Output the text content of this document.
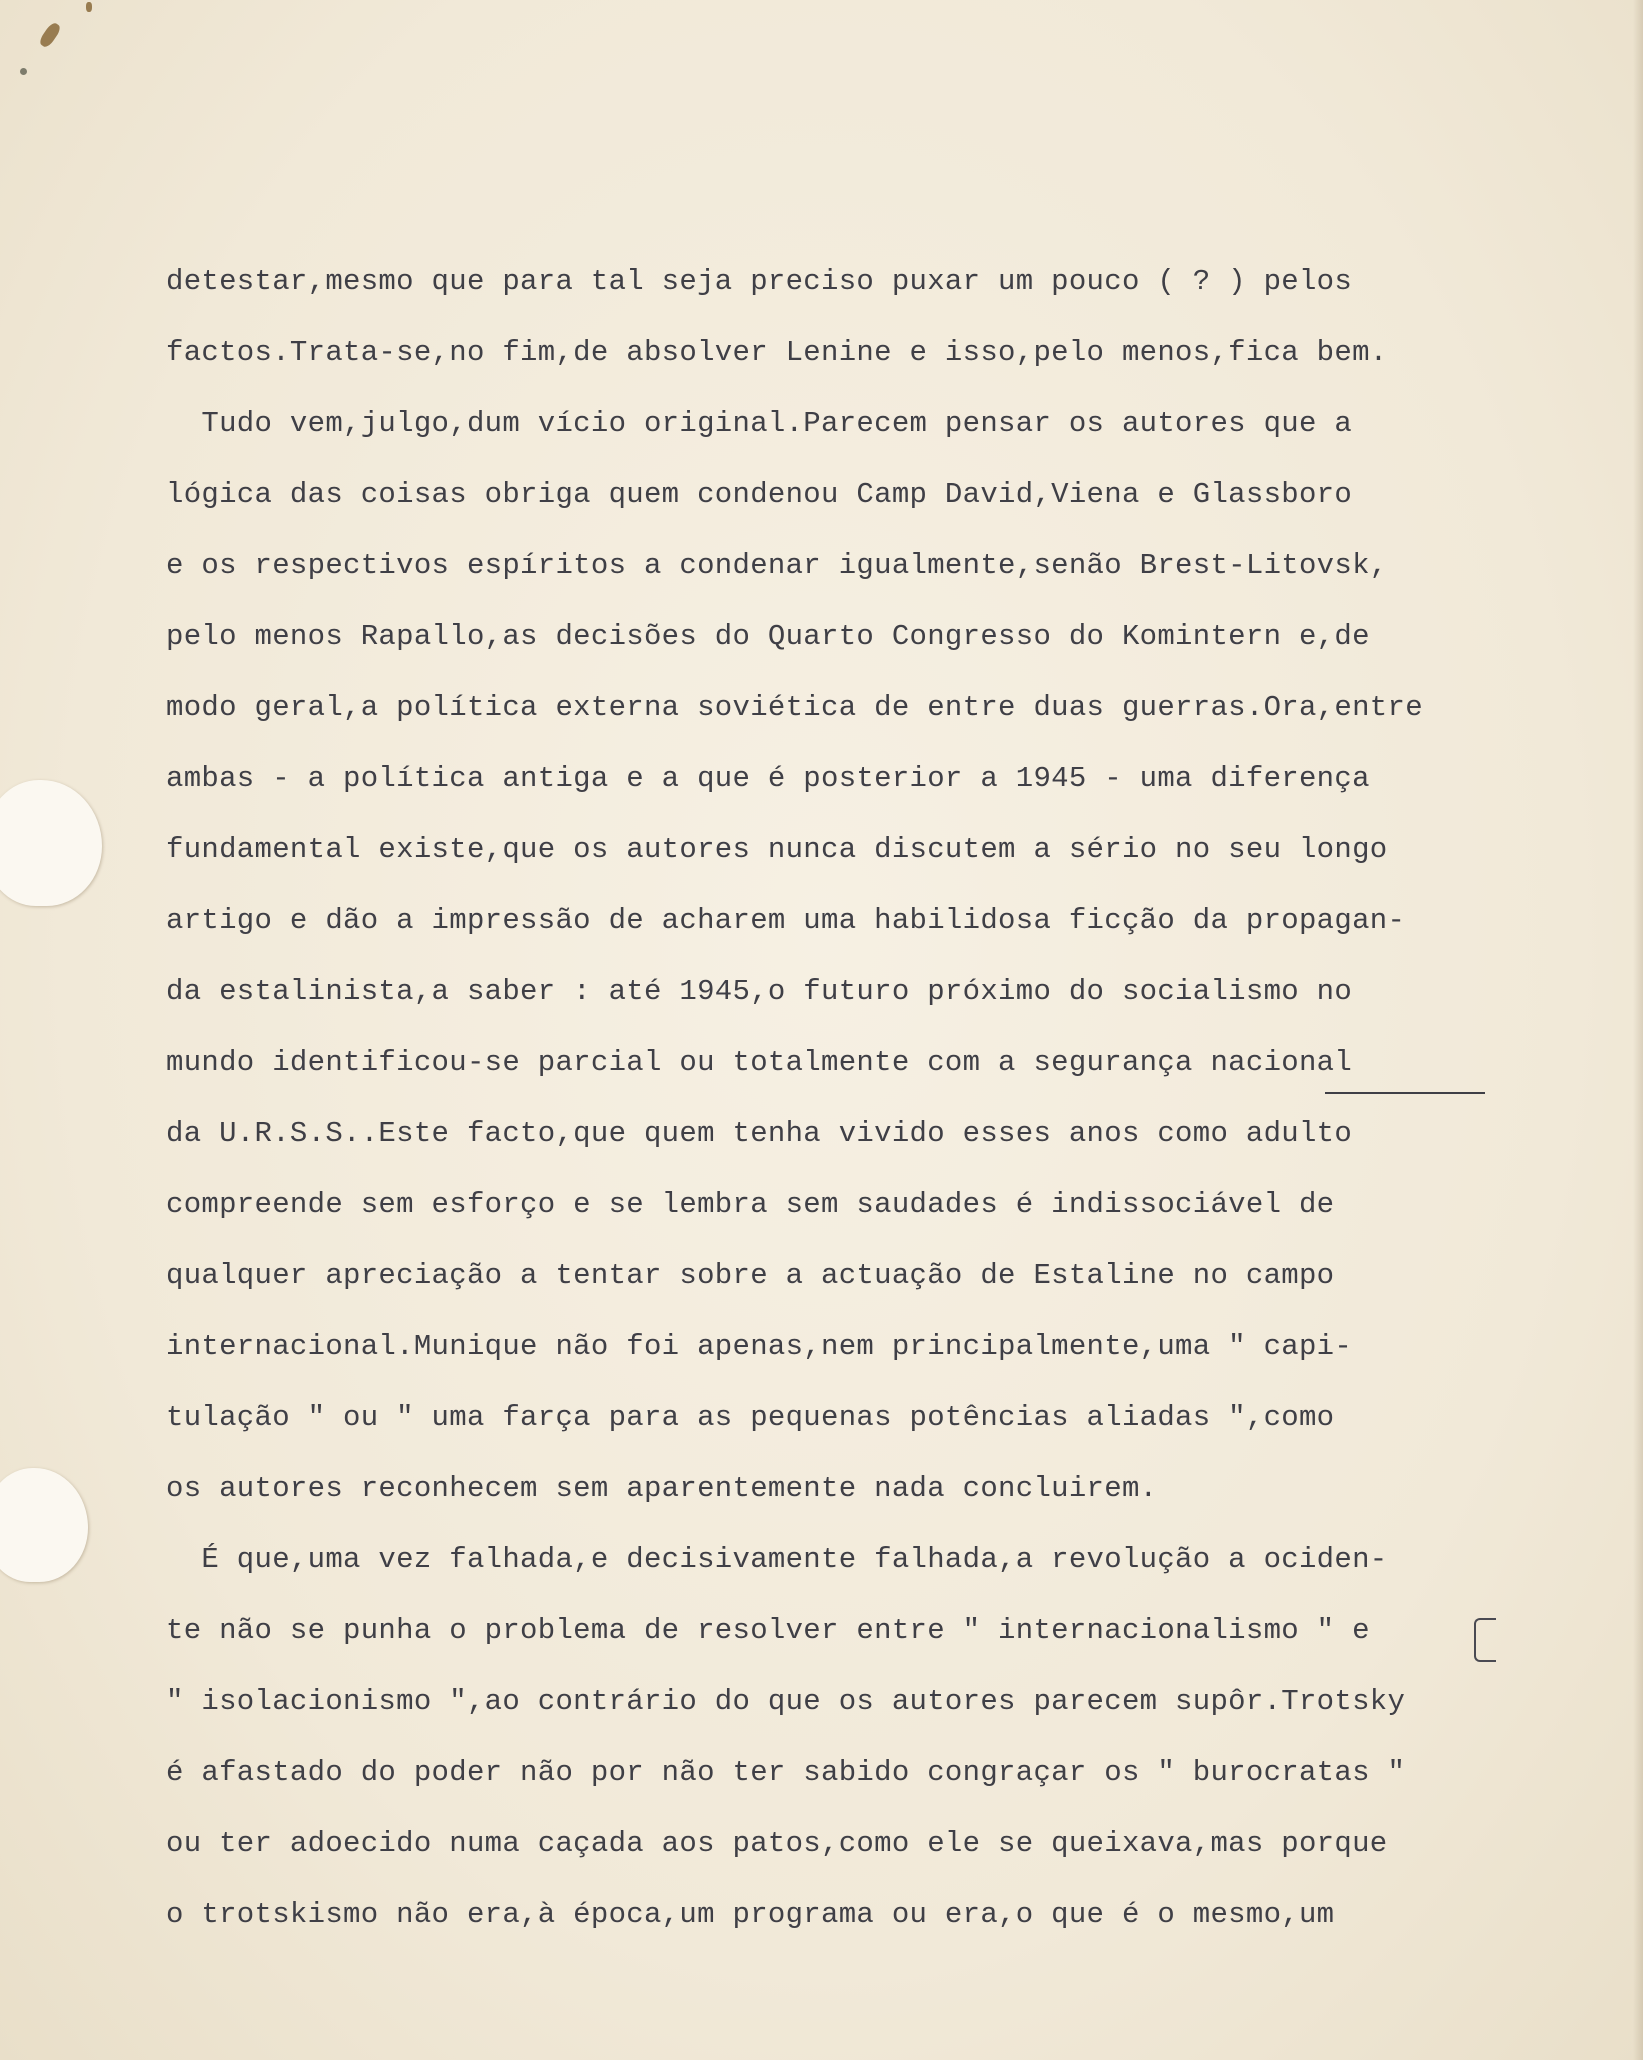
detestar,mesmo que para tal seja preciso puxar um pouco ( ? ) pelos
factos.Trata-se,no fim,de absolver Lenine e isso,pelo menos,fica bem.
Tudo vem,julgo,dum vício original.Parecem pensar os autores que a
lógica das coisas obriga quem condenou Camp David,Viena e Glassboro
e os respectivos espíritos a condenar igualmente,senão Brest-Litovsk,
pelo menos Rapallo,as decisões do Quarto Congresso do Komintern e,de
modo geral,a política externa soviética de entre duas guerras.Ora,entre
ambas - a política antiga e a que é posterior a 1945 - uma diferença
fundamental existe,que os autores nunca discutem a sério no seu longo
artigo e dão a impressão de acharem uma habilidosa ficção da propagan-
da estalinista,a saber : até 1945,o futuro próximo do socialismo no
mundo identificou-se parcial ou totalmente com a segurança nacional
da U.R.S.S..Este facto,que quem tenha vivido esses anos como adulto
compreende sem esforço e se lembra sem saudades é indissociável de
qualquer apreciação a tentar sobre a actuação de Estaline no campo
internacional.Munique não foi apenas,nem principalmente,uma " capi-
tulação " ou " uma farça para as pequenas potências aliadas ",como
os autores reconhecem sem aparentemente nada concluirem.
É que,uma vez falhada,e decisivamente falhada,a revolução a ociden-
te não se punha o problema de resolver entre " internacionalismo " e
" isolacionismo ",ao contrário do que os autores parecem supôr.Trotsky
é afastado do poder não por não ter sabido congraçar os " burocratas "
ou ter adoecido numa caçada aos patos,como ele se queixava,mas porque
o trotskismo não era,à época,um programa ou era,o que é o mesmo,um
